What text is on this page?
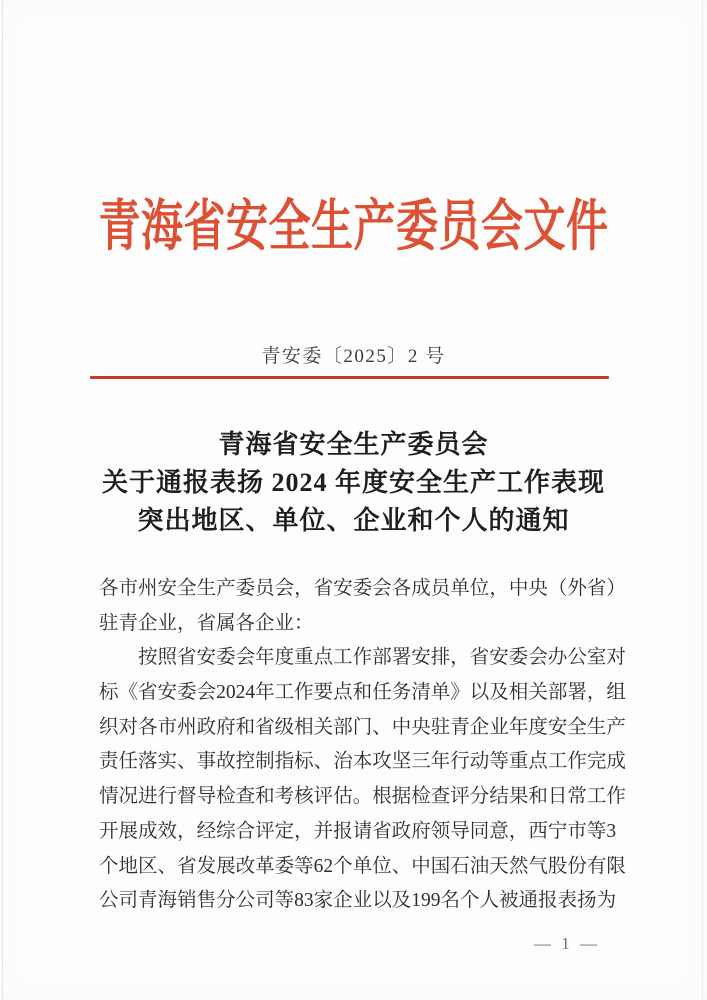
青海省安全生产委员会文件
青安委〔2025〕2 号
青海省安全生产委员会
关于通报表扬 2024 年度安全生产工作表现
突出地区、单位、企业和个人的通知
各 市 州 安 全 生 产 委 员 会 ， 省 安 委 会 各 成 员 单 位 ， 中 央 （ 外 省 ）
驻青企业，省属各企业：
按 照 省 安 委 会 年 度 重 点 工 作 部 署 安 排 ， 省 安 委 会 办 公 室 对
标 《 省 安 委 会 2024 年 工 作 要 点 和 任 务 清 单 》 以 及 相 关 部 署 ， 组
织 对 各 市 州 政 府 和 省 级 相 关 部 门 、 中 央 驻 青 企 业 年 度 安 全 生 产
责 任 落 实 、 事 故 控 制 指 标 、 治 本 攻 坚 三 年 行 动 等 重 点 工 作 完 成
情 况 进 行 督 导 检 查 和 考 核 评 估 。 根 据 检 查 评 分 结 果 和 日 常 工 作
开 展 成 效 ， 经 综 合 评 定 ， 并 报 请 省 政 府 领 导 同 意 ， 西 宁 市 等 3
个 地 区 、 省 发 展 改 革 委 等 62 个 单 位 、 中 国 石 油 天 然 气 股 份 有 限
公 司 青 海 销 售 分 公 司 等 83 家 企 业 以 及 199 名 个 人 被 通 报 表 扬 为
— 1 —
